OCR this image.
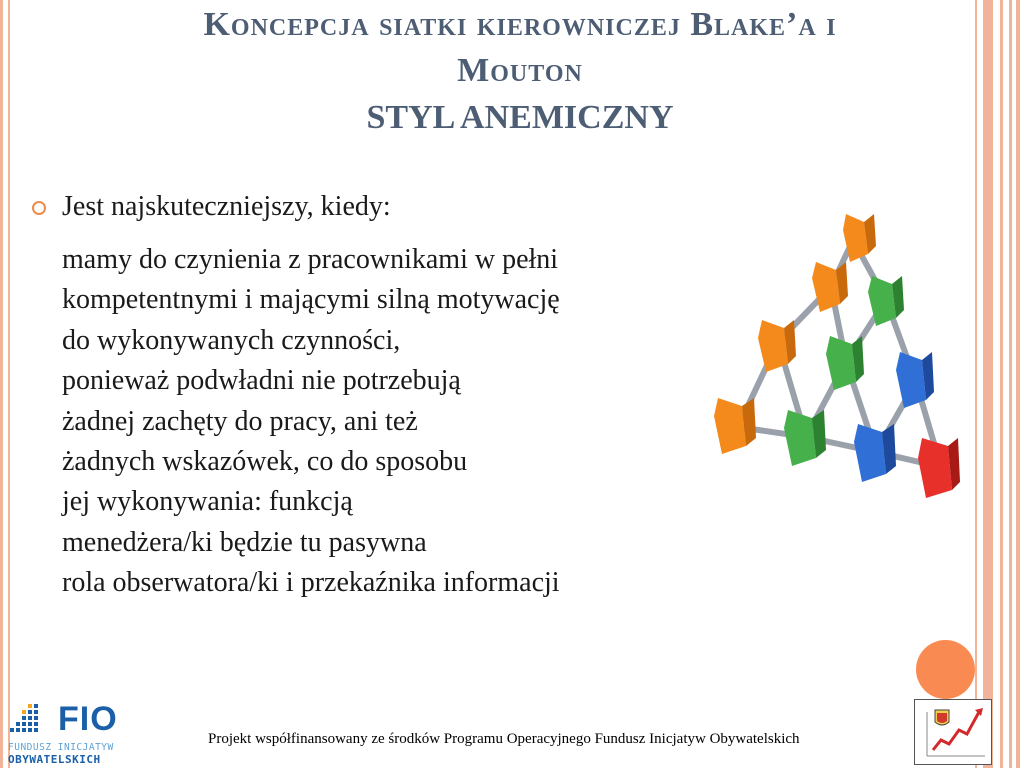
Koncepcja siatki kierowniczej Blake’a i
Mouton
STYL ANEMICZNY
Jest najskuteczniejszy, kiedy:
mamy do czynienia z pracownikami w pełni
kompetentnymi i mającymi silną motywację
do wykonywanych czynności,
ponieważ podwładni nie potrzebują
żadnej zachęty do pracy, ani też
żadnych wskazówek, co do sposobu
jej wykonywania: funkcją
menedżera/ki będzie tu pasywna
rola obserwatora/ki i przekaźnika informacji
FIO
FUNDUSZ INICJATYW
OBYWATELSKICH
Projekt współfinansowany ze środków Programu Operacyjnego Fundusz Inicjatyw Obywatelskich
